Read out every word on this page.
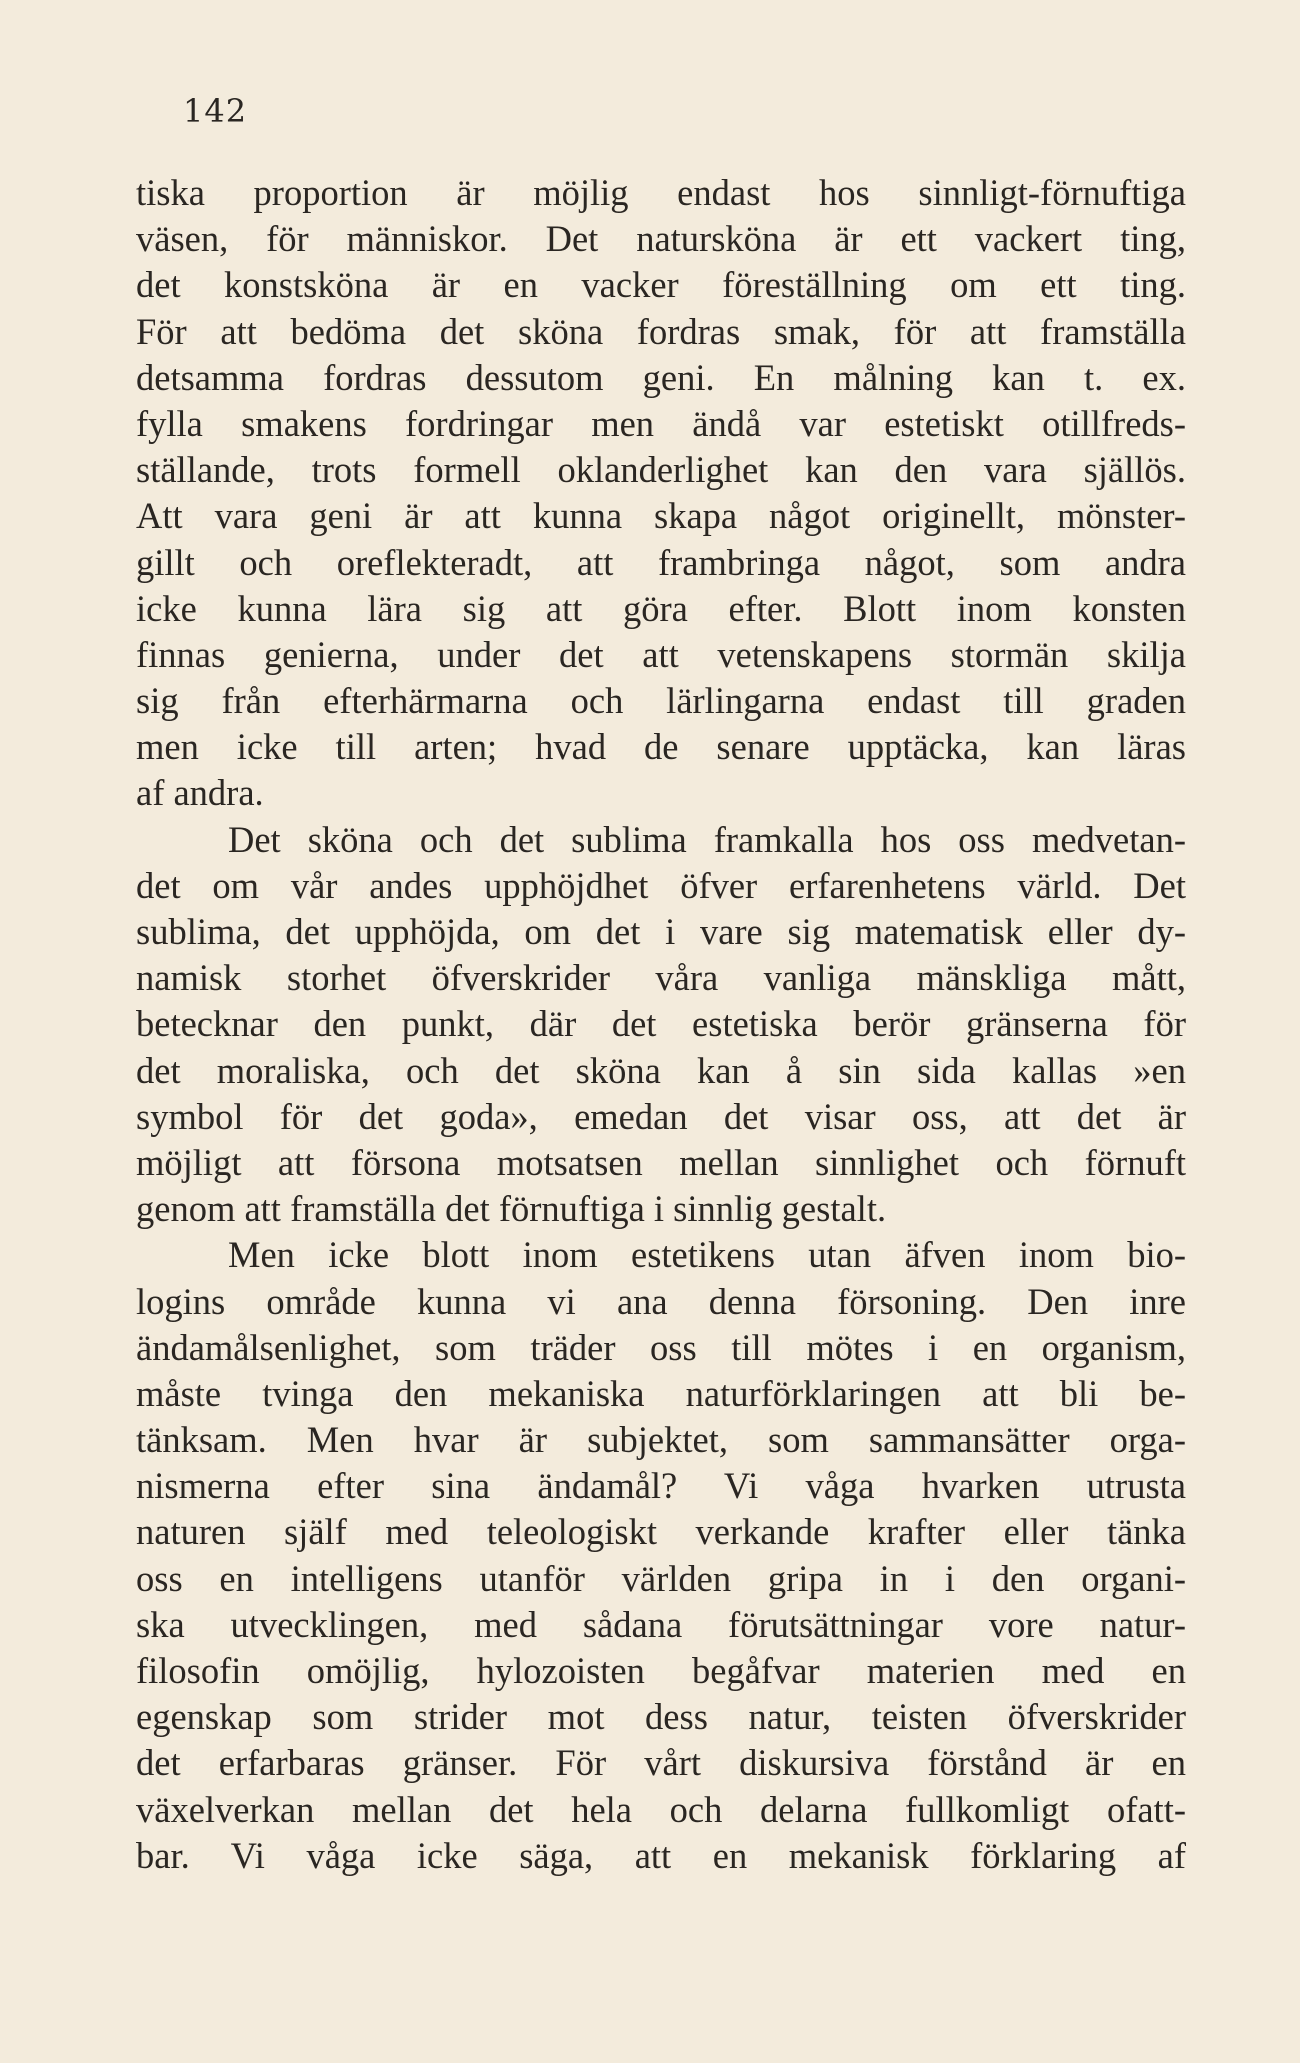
142
tiska proportion är möjlig endast hos sinnligt-förnuftiga
väsen, för människor. Det natursköna är ett vackert ting,
det konstsköna är en vacker föreställning om ett ting.
För att bedöma det sköna fordras smak, för att framställa
detsamma fordras dessutom geni. En målning kan t. ex.
fylla smakens fordringar men ändå var estetiskt otillfreds-
ställande, trots formell oklanderlighet kan den vara själlös.
Att vara geni är att kunna skapa något originellt, mönster-
gillt och oreflekteradt, att frambringa något, som andra
icke kunna lära sig att göra efter. Blott inom konsten
finnas genierna, under det att vetenskapens stormän skilja
sig från efterhärmarna och lärlingarna endast till graden
men icke till arten; hvad de senare upptäcka, kan läras
af andra.
Det sköna och det sublima framkalla hos oss medvetan-
det om vår andes upphöjdhet öfver erfarenhetens värld. Det
sublima, det upphöjda, om det i vare sig matematisk eller dy-
namisk storhet öfverskrider våra vanliga mänskliga mått,
betecknar den punkt, där det estetiska berör gränserna för
det moraliska, och det sköna kan å sin sida kallas »en
symbol för det goda», emedan det visar oss, att det är
möjligt att försona motsatsen mellan sinnlighet och förnuft
genom att framställa det förnuftiga i sinnlig gestalt.
Men icke blott inom estetikens utan äfven inom bio-
logins område kunna vi ana denna försoning. Den inre
ändamålsenlighet, som träder oss till mötes i en organism,
måste tvinga den mekaniska naturförklaringen att bli be-
tänksam. Men hvar är subjektet, som sammansätter orga-
nismerna efter sina ändamål? Vi våga hvarken utrusta
naturen själf med teleologiskt verkande krafter eller tänka
oss en intelligens utanför världen gripa in i den organi-
ska utvecklingen, med sådana förutsättningar vore natur-
filosofin omöjlig, hylozoisten begåfvar materien med en
egenskap som strider mot dess natur, teisten öfverskrider
det erfarbaras gränser. För vårt diskursiva förstånd är en
växelverkan mellan det hela och delarna fullkomligt ofatt-
bar. Vi våga icke säga, att en mekanisk förklaring af
